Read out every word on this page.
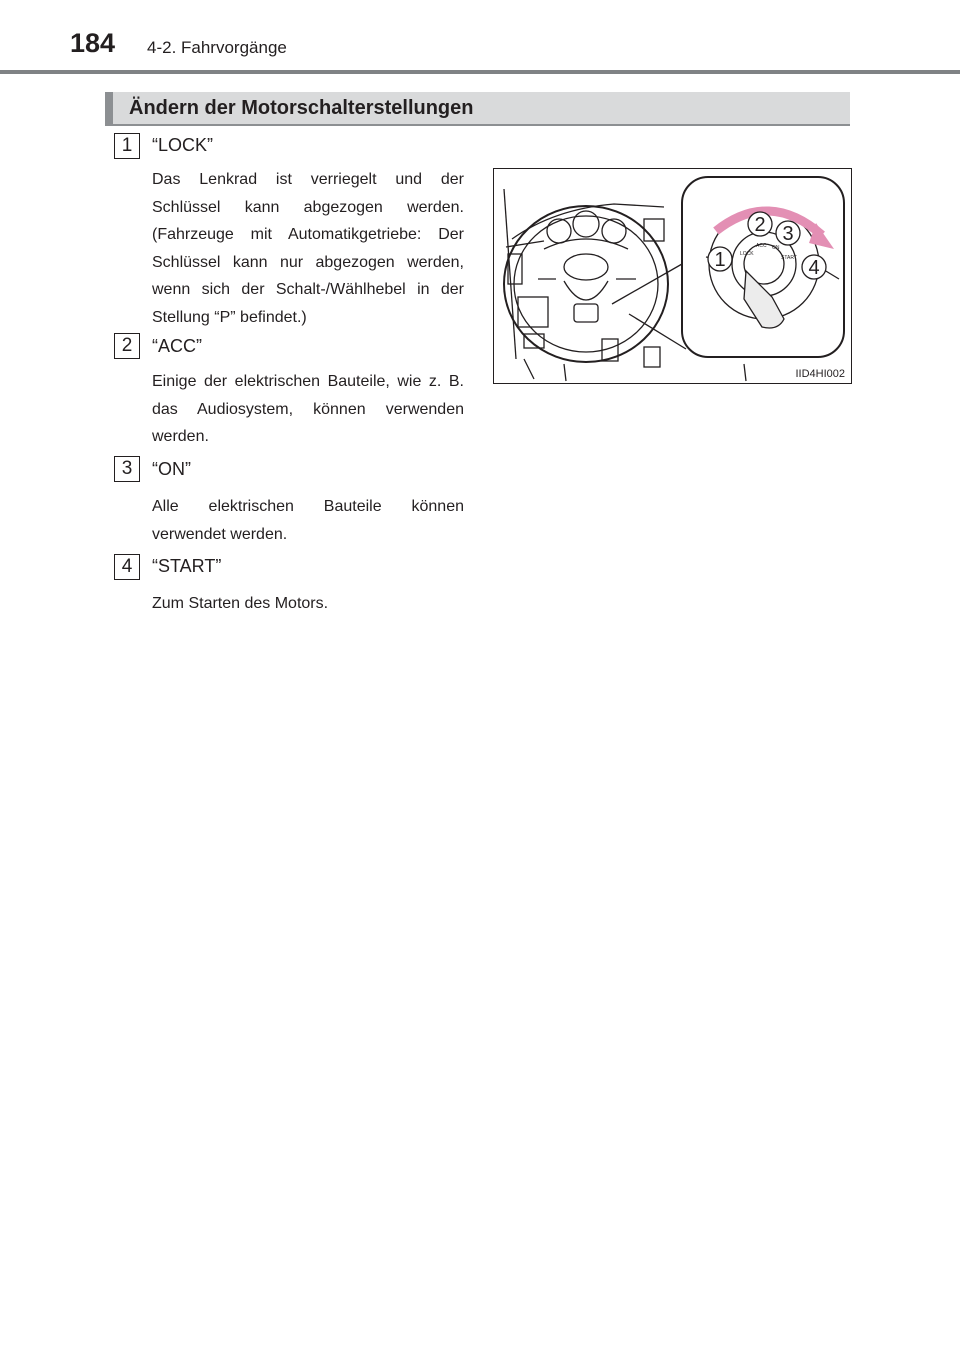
184 4-2. Fahrvorgänge
Ändern der Motorschalterstellungen
1	“LOCK”
Das Lenkrad ist verriegelt und der Schlüssel kann abgezogen werden. (Fahrzeuge mit Automatikgetriebe: Der Schlüssel kann nur abgezogen werden, wenn sich der Schalt-/Wählhebel in der Stellung “P” befindet.)
2	“ACC”
Einige der elektrischen Bauteile, wie z. B. das Audiosystem, können verwenden werden.
3	“ON”
Alle elektrischen Bauteile können verwendet werden.
4	“START”
Zum Starten des Motors.
2 3
1	4
LOCK
ACC ON
START
IID4HI002
